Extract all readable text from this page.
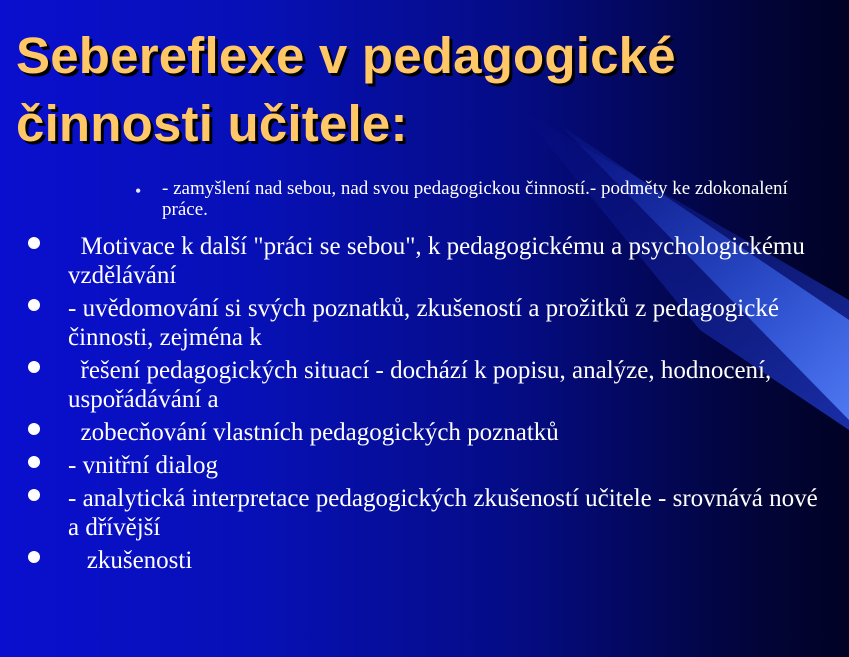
Sebereflexe v pedagogické činnosti učitele:
• - zamyšlení nad sebou, nad svou pedagogickou činností.- podměty ke zdokonalení práce.
Motivace k další "práci se sebou", k pedagogickému a psychologickému vzdělávání
- uvědomování si svých poznatků, zkušeností a prožitků z pedagogické činnosti, zejména k
řešení pedagogických situací - dochází k popisu, analýze, hodnocení, uspořádávání a
zobecňování vlastních pedagogických poznatků
- vnitřní dialog
- analytická interpretace pedagogických zkušeností učitele - srovnává nové a dřívější
zkušenosti
